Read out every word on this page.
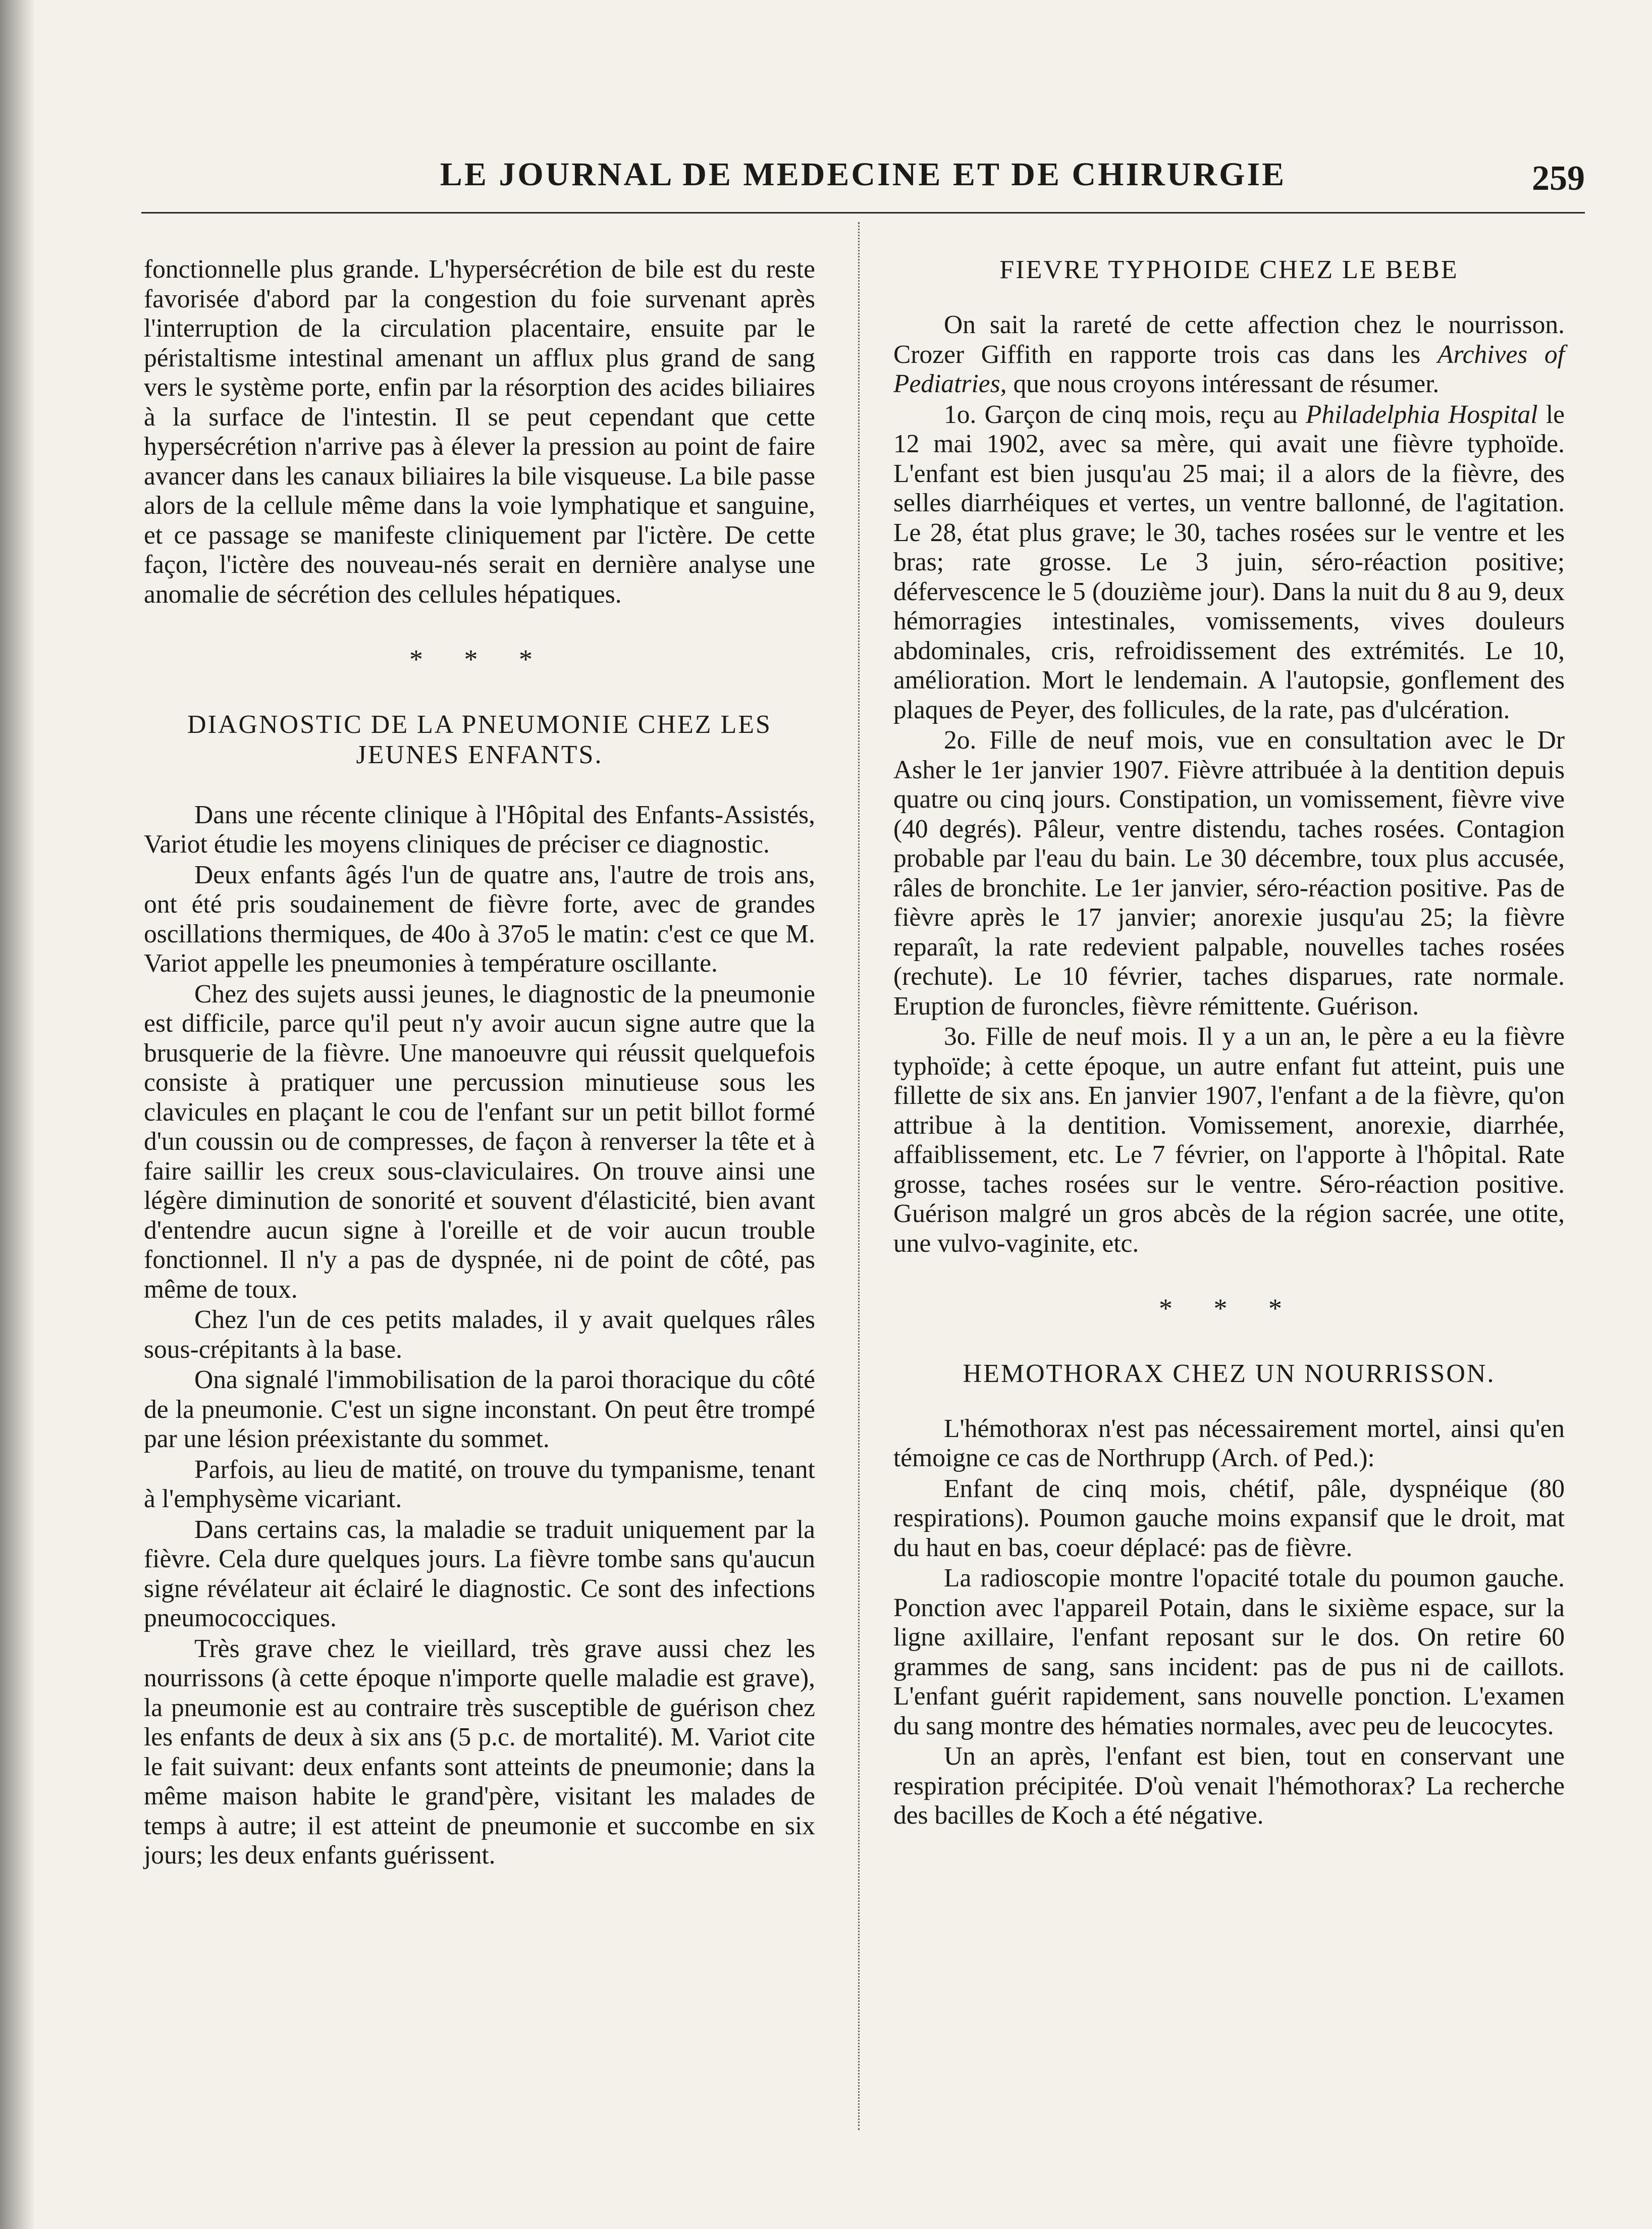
LE JOURNAL DE MEDECINE ET DE CHIRURGIE	259

fonctionnelle plus grande. L'hypersécrétion de bile est du reste favorisée d'abord par la congestion du foie survenant après l'interruption de la circulation placentaire, ensuite par le péristaltisme intestinal amenant un afflux plus grand de sang vers le système porte, enfin par la résorption des acides biliaires à la surface de l'intestin. Il se peut cependant que cette hypersécrétion n'arrive pas à élever la pression au point de faire avancer dans les canaux biliaires la bile visqueuse. La bile passe alors de la cellule même dans la voie lymphatique et sanguine, et ce passage se manifeste cliniquement par l'ictère. De cette façon, l'ictère des nouveau-nés serait en dernière analyse une anomalie de sécrétion des cellules hépatiques.

* * *
DIAGNOSTIC DE LA PNEUMONIE CHEZ LES JEUNES ENFANTS.

Dans une récente clinique à l'Hôpital des Enfants-Assistés, Variot étudie les moyens cliniques de préciser ce diagnostic.

Deux enfants âgés l'un de quatre ans, l'autre de trois ans, ont été pris soudainement de fièvre forte, avec de grandes oscillations thermiques, de 40o à 37o5 le matin: c'est ce que M. Variot appelle les pneumonies à température oscillante.

Chez des sujets aussi jeunes, le diagnostic de la pneumonie est difficile, parce qu'il peut n'y avoir aucun signe autre que la brusquerie de la fièvre. Une manoeuvre qui réussit quelquefois consiste à pratiquer une percussion minutieuse sous les clavicules en plaçant le cou de l'enfant sur un petit billot formé d'un coussin ou de compresses, de façon à renverser la tête et à faire saillir les creux sous-claviculaires. On trouve ainsi une légère diminution de sonorité et souvent d'élasticité, bien avant d'entendre aucun signe à l'oreille et de voir aucun trouble fonctionnel. Il n'y a pas de dyspnée, ni de point de côté, pas même de toux.

Chez l'un de ces petits malades, il y avait quelques râles sous-crépitants à la base.

Ona signalé l'immobilisation de la paroi thoracique du côté de la pneumonie. C'est un signe inconstant. On peut être trompé par une lésion préexistante du sommet.

Parfois, au lieu de matité, on trouve du tympanisme, tenant à l'emphysème vicariant.

Dans certains cas, la maladie se traduit uniquement par la fièvre. Cela dure quelques jours. La fièvre tombe sans qu'aucun signe révélateur ait éclairé le diagnostic. Ce sont des infections pneumococciques.

Très grave chez le vieillard, très grave aussi chez les nourrissons (à cette époque n'importe quelle maladie est grave), la pneumonie est au contraire très susceptible de guérison chez les enfants de deux à six ans (5 p.c. de mortalité). M. Variot cite le fait suivant: deux enfants sont atteints de pneumonie; dans la même maison habite le grand'père, visitant les malades de temps à autre; il est atteint de pneumonie et succombe en six jours; les deux enfants guérissent.

FIEVRE TYPHOIDE CHEZ LE BEBE

On sait la rareté de cette affection chez le nourrisson. Crozer Giffith en rapporte trois cas dans les Archives of Pediatries, que nous croyons intéressant de résumer.

1o. Garçon de cinq mois, reçu au Philadelphia Hospital le 12 mai 1902, avec sa mère, qui avait une fièvre typhoïde. L'enfant est bien jusqu'au 25 mai; il a alors de la fièvre, des selles diarrhéiques et vertes, un ventre ballonné, de l'agitation. Le 28, état plus grave; le 30, taches rosées sur le ventre et les bras; rate grosse. Le 3 juin, séro-réaction positive; défervescence le 5 (douzième jour). Dans la nuit du 8 au 9, deux hémorragies intestinales, vomissements, vives douleurs abdominales, cris, refroidissement des extrémités. Le 10, amélioration. Mort le lendemain. A l'autopsie, gonflement des plaques de Peyer, des follicules, de la rate, pas d'ulcération.

2o. Fille de neuf mois, vue en consultation avec le Dr Asher le 1er janvier 1907. Fièvre attribuée à la dentition depuis quatre ou cinq jours. Constipation, un vomissement, fièvre vive (40 degrés). Pâleur, ventre distendu, taches rosées. Contagion probable par l'eau du bain. Le 30 décembre, toux plus accusée, râles de bronchite. Le 1er janvier, séro-réaction positive. Pas de fièvre après le 17 janvier; anorexie jusqu'au 25; la fièvre reparaît, la rate redevient palpable, nouvelles taches rosées (rechute). Le 10 février, taches disparues, rate normale. Eruption de furoncles, fièvre rémittente. Guérison.

3o. Fille de neuf mois. Il y a un an, le père a eu la fièvre typhoïde; à cette époque, un autre enfant fut atteint, puis une fillette de six ans. En janvier 1907, l'enfant a de la fièvre, qu'on attribue à la dentition. Vomissement, anorexie, diarrhée, affaiblissement, etc. Le 7 février, on l'apporte à l'hôpital. Rate grosse, taches rosées sur le ventre. Séro-réaction positive. Guérison malgré un gros abcès de la région sacrée, une otite, une vulvo-vaginite, etc.

* * *
HEMOTHORAX CHEZ UN NOURRISSON.

L'hémothorax n'est pas nécessairement mortel, ainsi qu'en témoigne ce cas de Northrupp (Arch. of Ped.):

Enfant de cinq mois, chétif, pâle, dyspnéique (80 respirations). Poumon gauche moins expansif que le droit, mat du haut en bas, coeur déplacé: pas de fièvre.

La radioscopie montre l'opacité totale du poumon gauche. Ponction avec l'appareil Potain, dans le sixième espace, sur la ligne axillaire, l'enfant reposant sur le dos. On retire 60 grammes de sang, sans incident: pas de pus ni de caillots. L'enfant guérit rapidement, sans nouvelle ponction. L'examen du sang montre des hématies normales, avec peu de leucocytes.

Un an après, l'enfant est bien, tout en conservant une respiration précipitée. D'où venait l'hémothorax? La recherche des bacilles de Koch a été négative.
